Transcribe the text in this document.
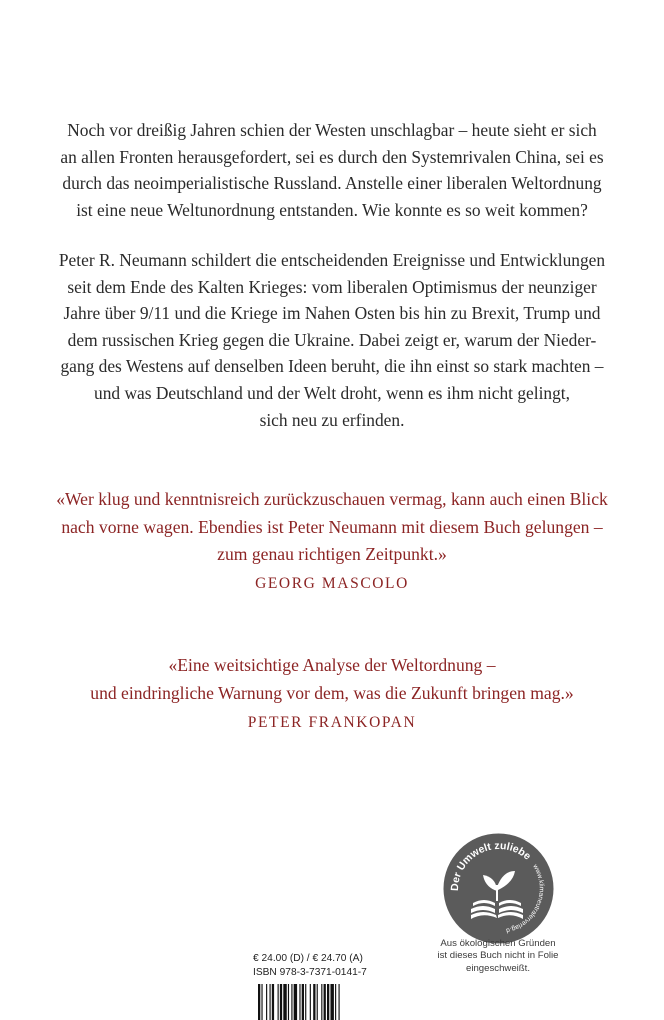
Noch vor dreißig Jahren schien der Westen unschlagbar – heute sieht er sich
an allen Fronten herausgefordert, sei es durch den Systemrivalen China, sei es
durch das neoimperialistische Russland. Anstelle einer liberalen Weltordnung
ist eine neue Weltunordnung entstanden. Wie konnte es so weit kommen?
Peter R. Neumann schildert die entscheidenden Ereignisse und Entwicklungen
seit dem Ende des Kalten Krieges: vom liberalen Optimismus der neunziger
Jahre über 9/11 und die Kriege im Nahen Osten bis hin zu Brexit, Trump und
dem russischen Krieg gegen die Ukraine. Dabei zeigt er, warum der Nieder-
gang des Westens auf denselben Ideen beruht, die ihn einst so stark machten –
und was Deutschland und der Welt droht, wenn es ihm nicht gelingt,
sich neu zu erfinden.
«Wer klug und kenntnisreich zurückzuschauen vermag, kann auch einen Blick
nach vorne wagen. Ebendies ist Peter Neumann mit diesem Buch gelungen –
zum genau richtigen Zeitpunkt.»
GEORG MASCOLO
«Eine weitsichtige Analyse der Weltordnung –
und eindringliche Warnung vor dem, was die Zukunft bringen mag.»
PETER FRANKOPAN
Der Umwelt zuliebe
www.klimaneutralerverlag.d
Aus ökologischen Gründen
ist dieses Buch nicht in Folie
eingeschweißt.
€ 24.00 (D) / € 24.70 (A)
ISBN 978-3-7371-0141-7
